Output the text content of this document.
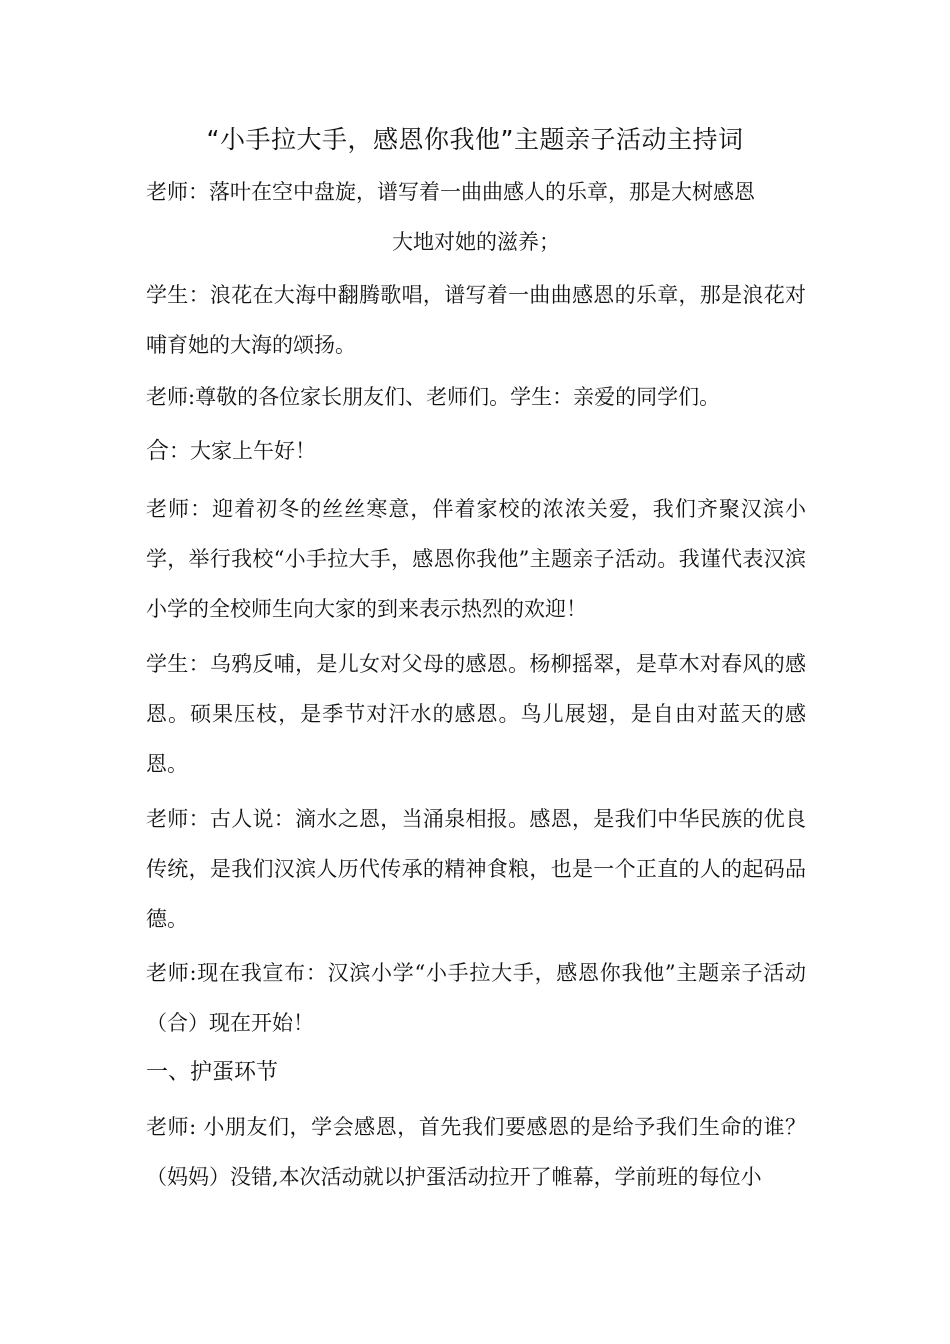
“小手拉大手，感恩你我他”主题亲子活动主持词

老师：落叶在空中盘旋，谱写着一曲曲感人的乐章，那是大树感恩

大地对她的滋养；

学生：浪花在大海中翻腾歌唱，谱写着一曲曲感恩的乐章，那是浪花对哺育她的大海的颂扬。

老师:尊敬的各位家长朋友们、老师们。学生：亲爱的同学们。

合：大家上午好！

老师：迎着初冬的丝丝寒意，伴着家校的浓浓关爱，我们齐聚汉滨小学，举行我校“小手拉大手，感恩你我他”主题亲子活动。我谨代表汉滨小学的全校师生向大家的到来表示热烈的欢迎！

学生：乌鸦反哺，是儿女对父母的感恩。杨柳摇翠，是草木对春风的感恩。硕果压枝，是季节对汗水的感恩。鸟儿展翅，是自由对蓝天的感恩。

老师：古人说：滴水之恩，当涌泉相报。感恩，是我们中华民族的优良传统，是我们汉滨人历代传承的精神食粮，也是一个正直的人的起码品德。

老师:现在我宣布：汉滨小学“小手拉大手，感恩你我他”主题亲子活动（合）现在开始！

一、护蛋环节

老师: 小朋友们，学会感恩，首先我们要感恩的是给予我们生命的谁？（妈妈）没错,本次活动就以护蛋活动拉开了帷幕，学前班的每位小
